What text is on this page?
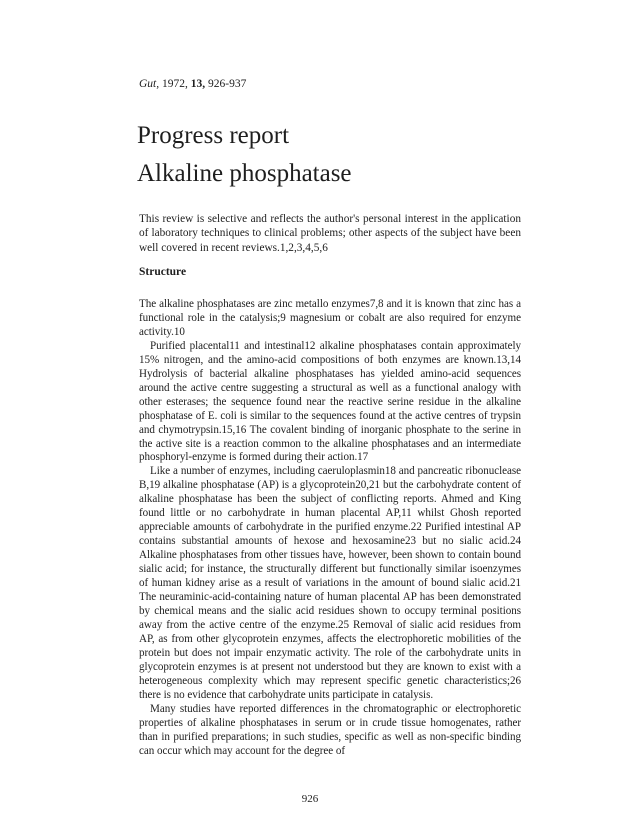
Gut, 1972, 13, 926-937
Progress report
Alkaline phosphatase

This review is selective and reflects the author's personal interest in the application of laboratory techniques to clinical problems; other aspects of the subject have been well covered in recent reviews.1,2,3,4,5,6

Structure

The alkaline phosphatases are zinc metallo enzymes7,8 and it is known that zinc has a functional role in the catalysis;9 magnesium or cobalt are also required for enzyme activity.10

Purified placental11 and intestinal12 alkaline phosphatases contain approximately 15% nitrogen, and the amino-acid compositions of both enzymes are known.13,14 Hydrolysis of bacterial alkaline phosphatases has yielded amino-acid sequences around the active centre suggesting a structural as well as a functional analogy with other esterases; the sequence found near the reactive serine residue in the alkaline phosphatase of E. coli is similar to the sequences found at the active centres of trypsin and chymotrypsin.15,16 The covalent binding of inorganic phosphate to the serine in the active site is a reaction common to the alkaline phosphatases and an intermediate phosphoryl-enzyme is formed during their action.17

Like a number of enzymes, including caeruloplasmin18 and pancreatic ribonuclease B,19 alkaline phosphatase (AP) is a glycoprotein20,21 but the carbohydrate content of alkaline phosphatase has been the subject of conflicting reports. Ahmed and King found little or no carbohydrate in human placental AP,11 whilst Ghosh reported appreciable amounts of carbohydrate in the purified enzyme.22 Purified intestinal AP contains substantial amounts of hexose and hexosamine23 but no sialic acid.24 Alkaline phosphatases from other tissues have, however, been shown to contain bound sialic acid; for instance, the structurally different but functionally similar isoenzymes of human kidney arise as a result of variations in the amount of bound sialic acid.21 The neuraminic-acid-containing nature of human placental AP has been demonstrated by chemical means and the sialic acid residues shown to occupy terminal positions away from the active centre of the enzyme.25 Removal of sialic acid residues from AP, as from other glycoprotein enzymes, affects the electrophoretic mobilities of the protein but does not impair enzymatic activity. The role of the carbohydrate units in glycoprotein enzymes is at present not understood but they are known to exist with a heterogeneous complexity which may represent specific genetic characteristics;26 there is no evidence that carbohydrate units participate in catalysis.

Many studies have reported differences in the chromatographic or electrophoretic properties of alkaline phosphatases in serum or in crude tissue homogenates, rather than in purified preparations; in such studies, specific as well as non-specific binding can occur which may account for the degree of

926
